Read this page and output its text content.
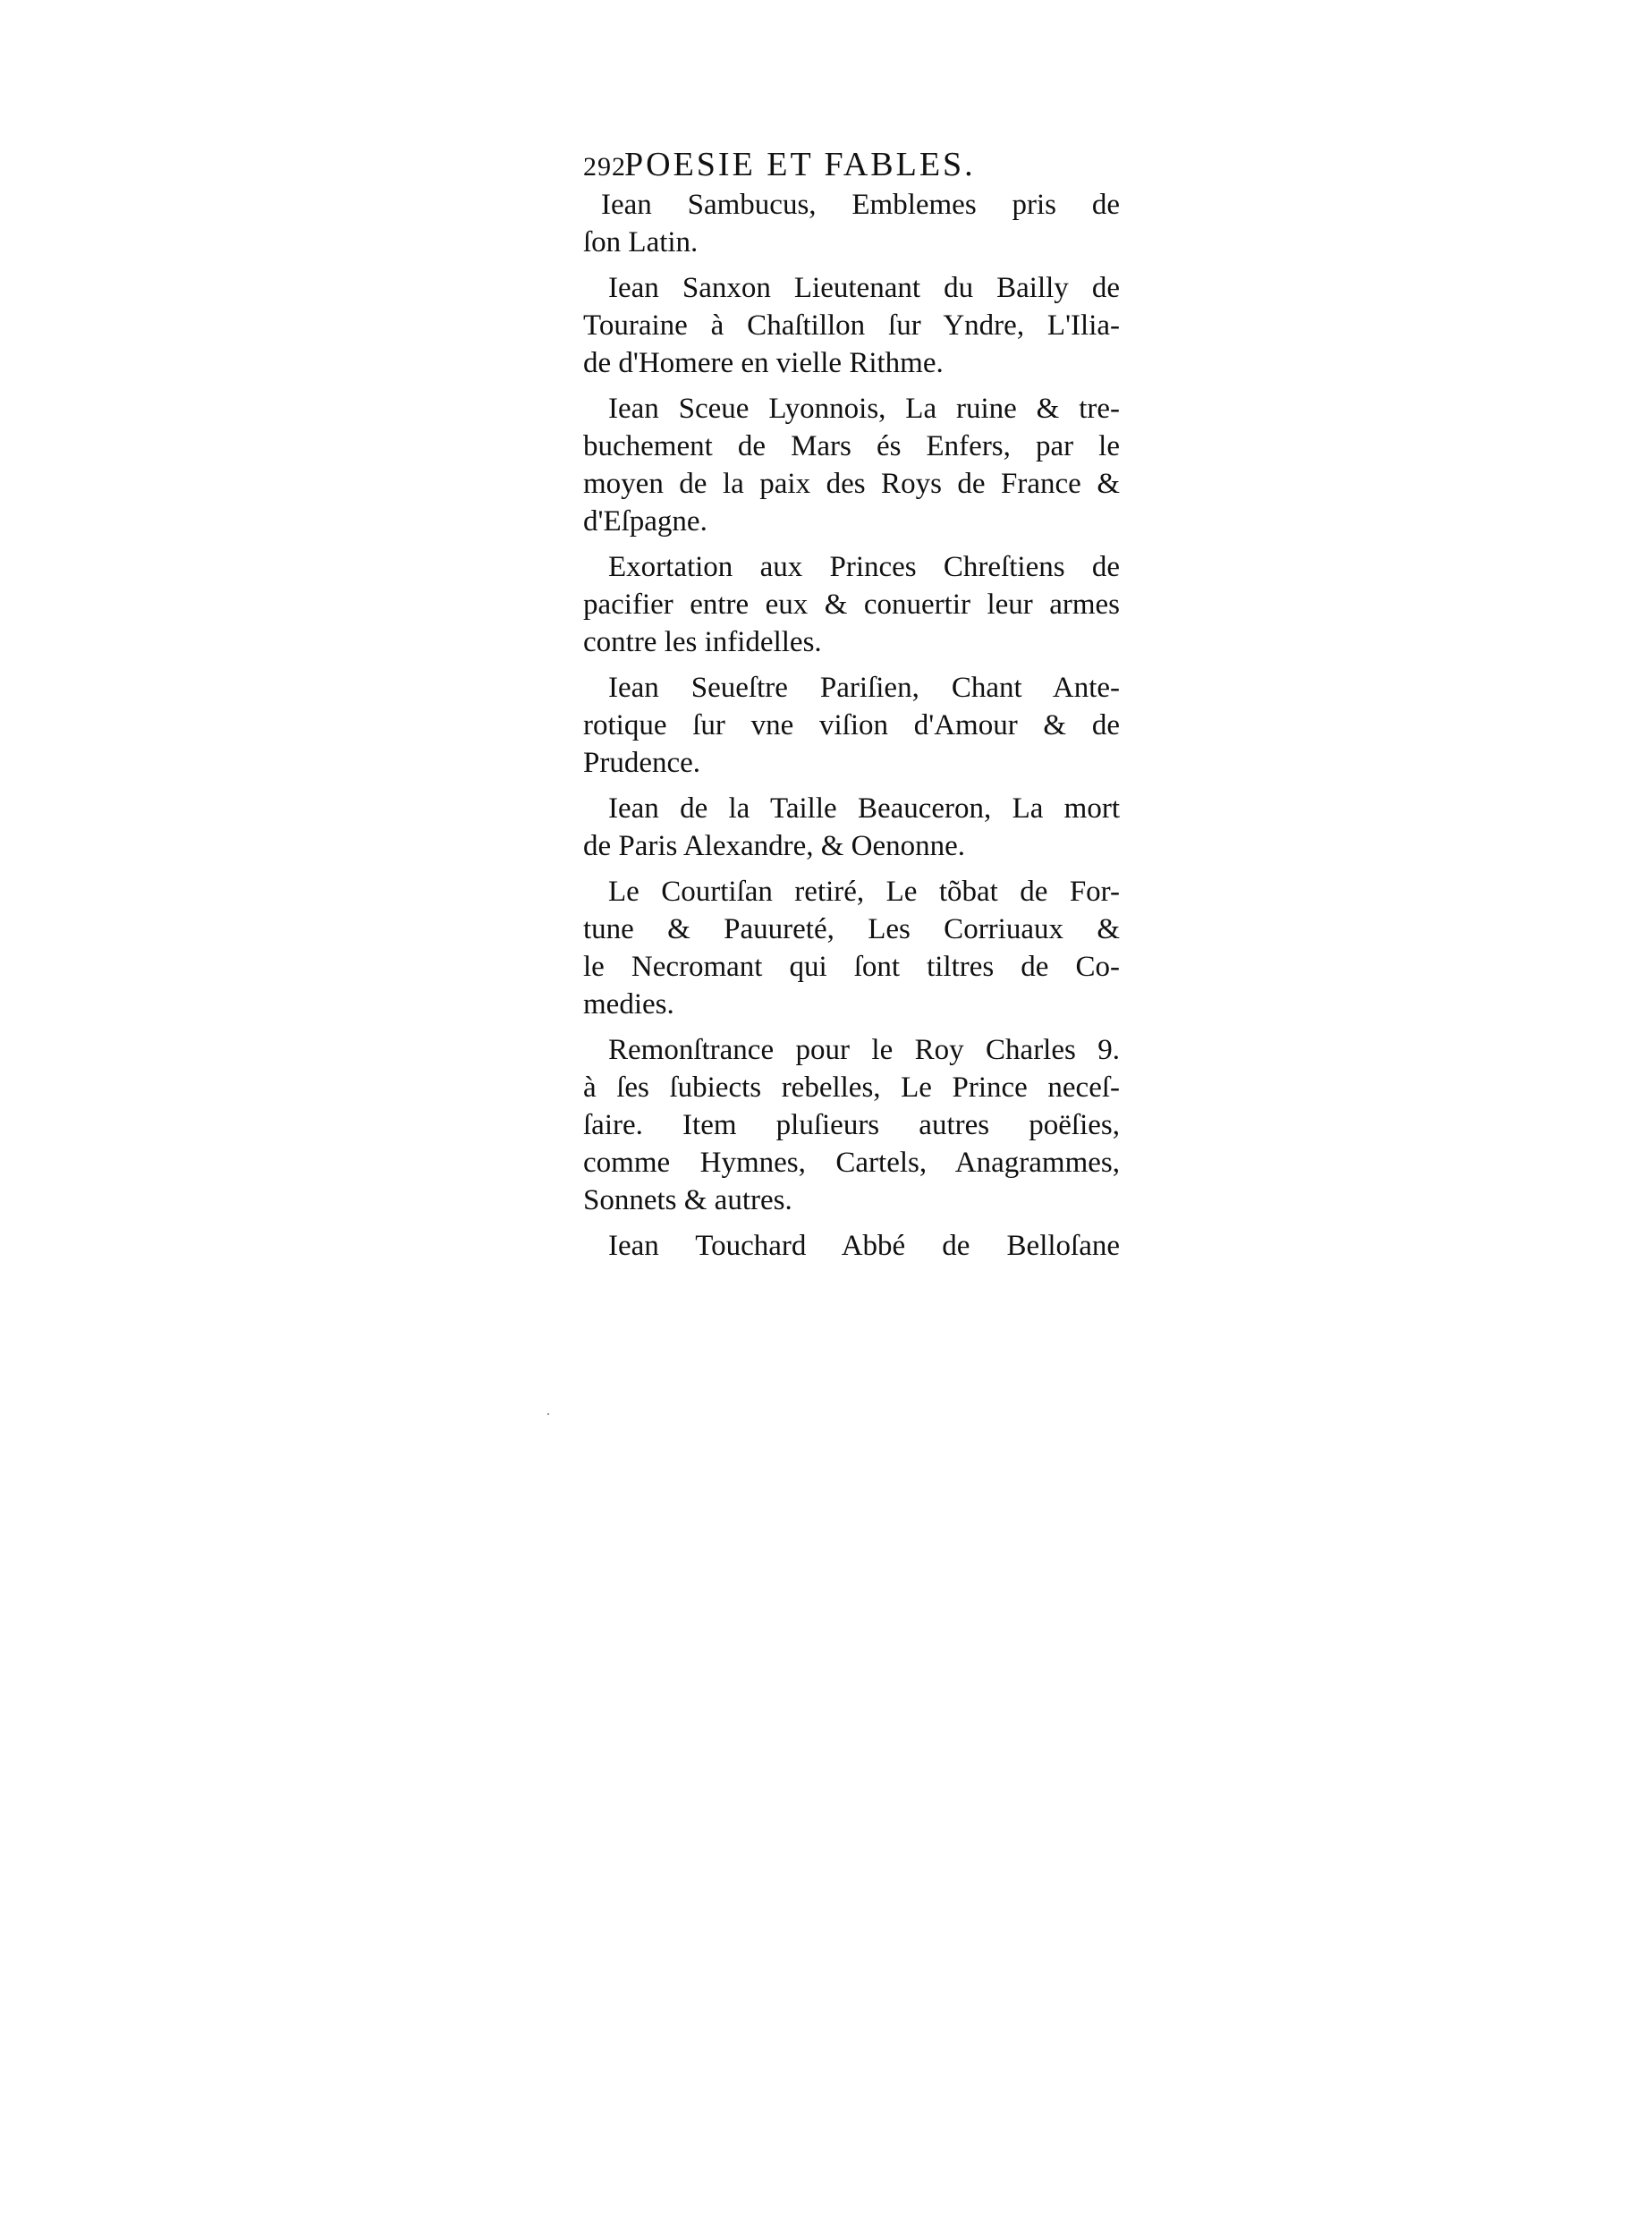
292
POESIE ET FABLES.
Iean Sambucus, Emblemes pris de
ſon Latin.
Iean Sanxon Lieutenant du Bailly de
Touraine à Chaſtillon ſur Yndre, L'Ilia-
de d'Homere en vielle Rithme.
Iean Sceue Lyonnois, La ruine & tre-
buchement de Mars és Enfers, par le
moyen de la paix des Roys de France &
d'Eſpagne.
Exortation aux Princes Chreſtiens de
pacifier entre eux & conuertir leur armes
contre les infidelles.
Iean Seueſtre Pariſien, Chant Ante-
rotique ſur vne viſion d'Amour & de
Prudence.
Iean de la Taille Beauceron, La mort
de Paris Alexandre, & Oenonne.
Le Courtiſan retiré, Le tõbat de For-
tune & Pauureté, Les Corriuaux &
le Necromant qui ſont tiltres de Co-
medies.
Remonſtrance pour le Roy Charles 9.
à ſes ſubiects rebelles, Le Prince neceſ-
ſaire. Item pluſieurs autres poëſies,
comme Hymnes, Cartels, Anagrammes,
Sonnets & autres.
Iean Touchard Abbé de Belloſane
